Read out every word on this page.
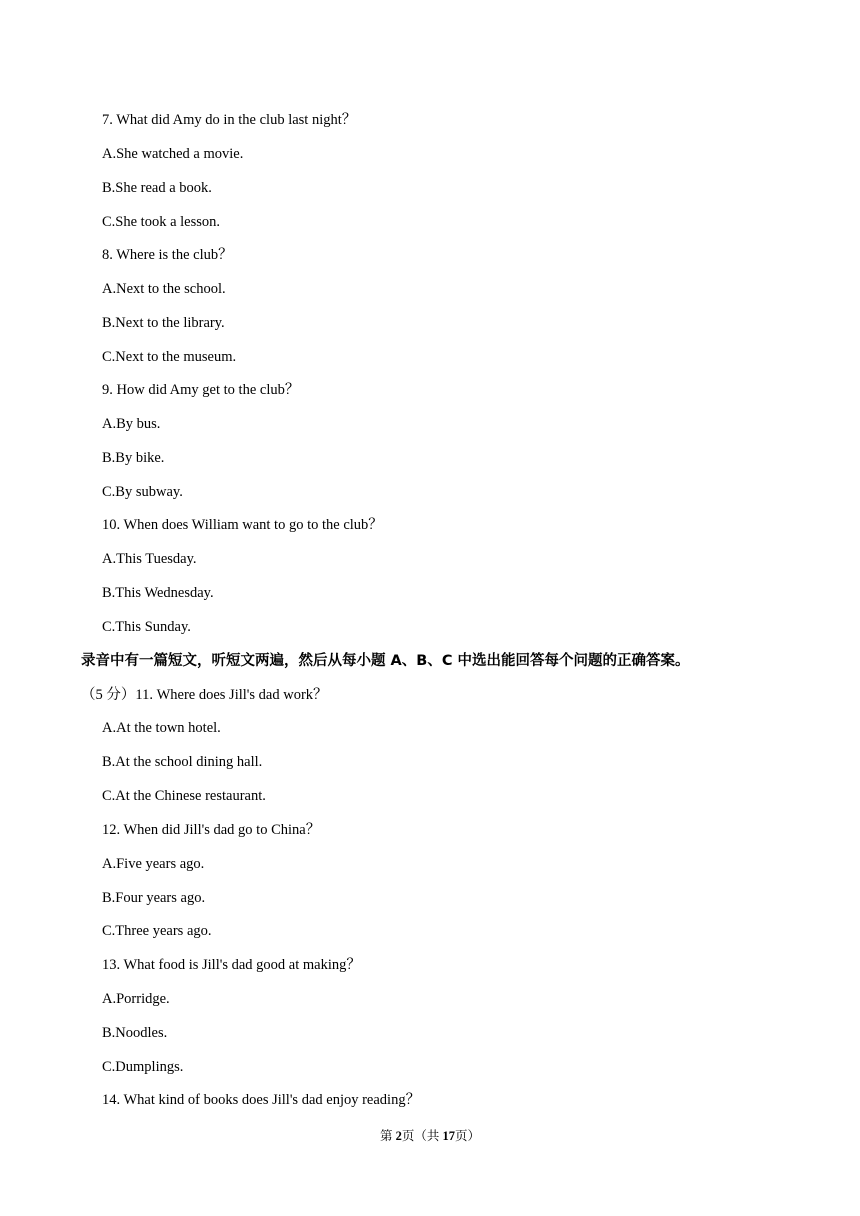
7. What did Amy do in the club last night？
A.She watched a movie.
B.She read a book.
C.She took a lesson.
8. Where is the club？
A.Next to the school.
B.Next to the library.
C.Next to the museum.
9. How did Amy get to the club？
A.By bus.
B.By bike.
C.By subway.
10. When does William want to go to the club？
A.This Tuesday.
B.This Wednesday.
C.This Sunday.
录音中有一篇短文，听短文两遍，然后从每小题 A、B、C 中选出能回答每个问题的正确答案。
（5 分）11. Where does Jill's dad work？
A.At the town hotel.
B.At the school dining hall.
C.At the Chinese restaurant.
12. When did Jill's dad go to China？
A.Five years ago.
B.Four years ago.
C.Three years ago.
13. What food is Jill's dad good at making？
A.Porridge.
B.Noodles.
C.Dumplings.
14. What kind of books does Jill's dad enjoy reading？
第 2页（共 17页）
